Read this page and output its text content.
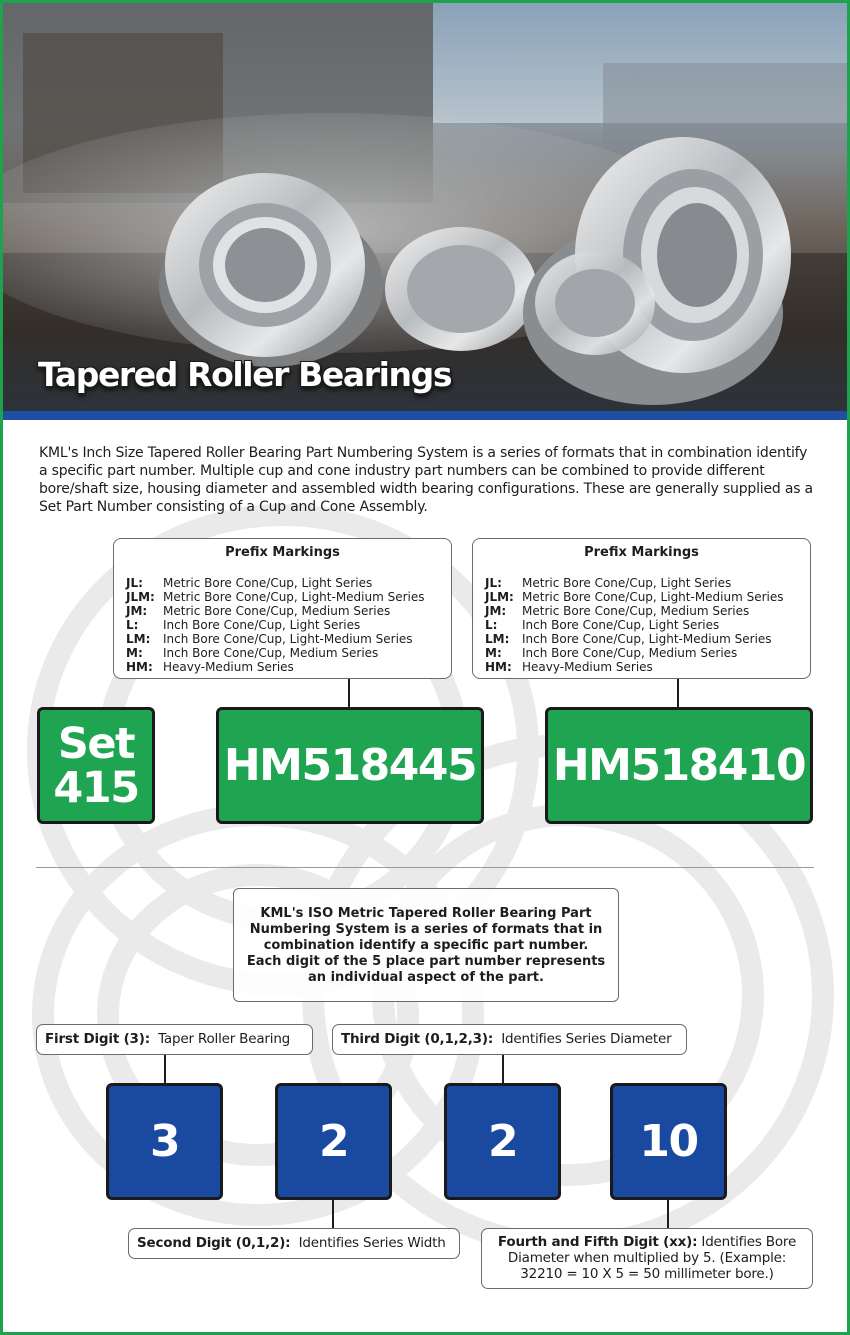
Tapered Roller Bearings

KML's Inch Size Tapered Roller Bearing Part Numbering System is a series of formats that in combination identify a specific part number. Multiple cup and cone industry part numbers can be combined to provide different bore/shaft size, housing diameter and assembled width bearing configurations. These are generally supplied as a Set Part Number consisting of a Cup and Cone Assembly.

Prefix Markings
JL:	Metric Bore Cone/Cup, Light Series
JLM: Metric Bore Cone/Cup, Light-Medium Series
JM:	Metric Bore Cone/Cup, Medium Series
L:	Inch Bore Cone/Cup, Light Series
LM:	Inch Bore Cone/Cup, Light-Medium Series
M:	Inch Bore Cone/Cup, Medium Series
HM: Heavy-Medium Series
Prefix Markings
JL:	Metric Bore Cone/Cup, Light Series
JLM: Metric Bore Cone/Cup, Light-Medium Series
JM:	Metric Bore Cone/Cup, Medium Series
L:	Inch Bore Cone/Cup, Light Series
LM:	Inch Bore Cone/Cup, Light-Medium Series
M:	Inch Bore Cone/Cup, Medium Series
HM: Heavy-Medium Series
Set
415 HM518445 HM518410
KML's ISO Metric Tapered Roller Bearing Part Numbering System is a series of formats that in combination identify a specific part number. Each digit of the 5 place part number represents an individual aspect of the part.
First Digit (3): Taper Roller Bearing	Third Digit (0,1,2,3): Identifies Series Diameter
3	2	2	10
Second Digit (0,1,2): Identifies Series Width	Fourth and Fifth Digit (xx): Identifies Bore Diameter when multiplied by 5. (Example: 32210 = 10 X 5 = 50 millimeter bore.)
